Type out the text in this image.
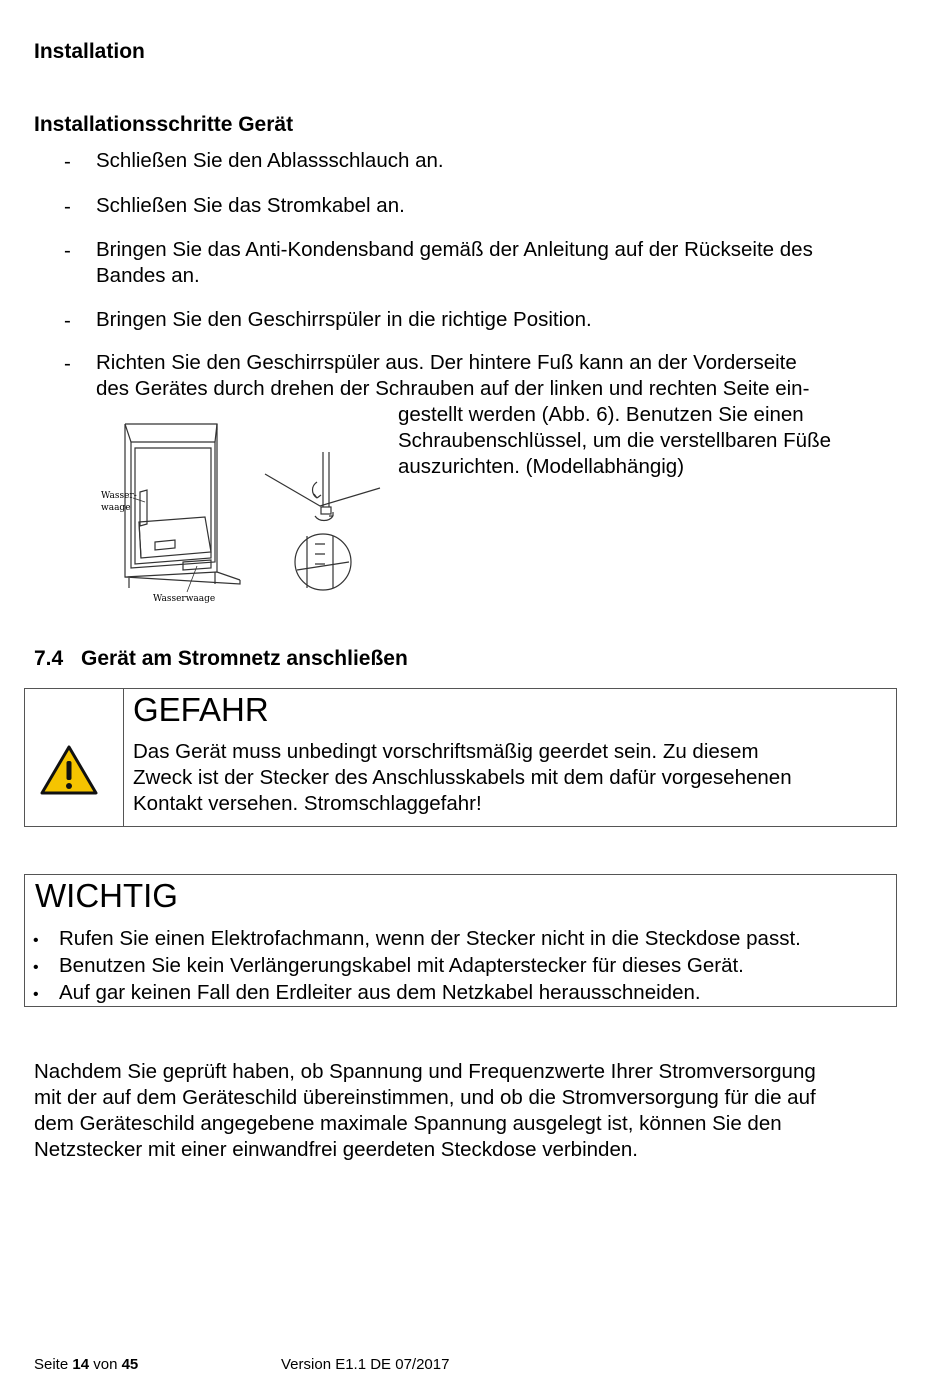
Installation
Installationsschritte Gerät
- Schließen Sie den Ablassschlauch an.
- Schließen Sie das Stromkabel an.
- Bringen Sie das Anti-Kondensband gemäß der Anleitung auf der Rückseite des
Bandes an.
- Bringen Sie den Geschirrspüler in die richtige Position.
- Richten Sie den Geschirrspüler aus. Der hintere Fuß kann an der Vorderseite
des Gerätes durch drehen der Schrauben auf der linken und rechten Seite ein-
gestellt werden (Abb. 6). Benutzen Sie einen
Schraubenschlüssel, um die verstellbaren Füße
auszurichten. (Modellabhängig)
Wasser-
waage
Wasserwaage
7.4 Gerät am Stromnetz anschließen
GEFAHR
Das Gerät muss unbedingt vorschriftsmäßig geerdet sein. Zu diesem
Zweck ist der Stecker des Anschlusskabels mit dem dafür vorgesehenen
Kontakt versehen. Stromschlaggefahr!
WICHTIG
• Rufen Sie einen Elektrofachmann, wenn der Stecker nicht in die Steckdose passt.
• Benutzen Sie kein Verlängerungskabel mit Adapterstecker für dieses Gerät.
• Auf gar keinen Fall den Erdleiter aus dem Netzkabel herausschneiden.
Nachdem Sie geprüft haben, ob Spannung und Frequenzwerte Ihrer Stromversorgung
mit der auf dem Geräteschild übereinstimmen, und ob die Stromversorgung für die auf
dem Geräteschild angegebene maximale Spannung ausgelegt ist, können Sie den
Netzstecker mit einer einwandfrei geerdeten Steckdose verbinden.
Seite 14 von 45	Version E1.1 DE 07/2017
